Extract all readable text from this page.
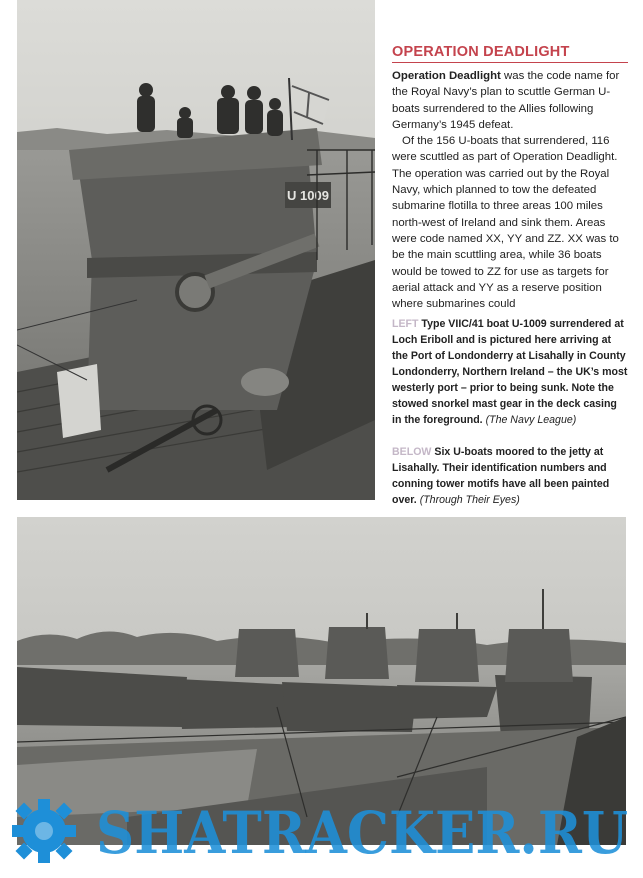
U 1009
OPERATION DEADLIGHT

Operation Deadlight was the code name for the Royal Navy’s plan to scuttle German U-boats surrendered to the Allies following Germany’s 1945 defeat.

Of the 156 U-boats that surrendered, 116 were scuttled as part of Operation Deadlight. The operation was carried out by the Royal Navy, which planned to tow the defeated submarine flotilla to three areas 100 miles north-west of Ireland and sink them. Areas were code named XX, YY and ZZ. XX was to be the main scuttling area, while 36 boats would be towed to ZZ for use as targets for aerial attack and YY as a reserve position where submarines could

LEFT Type VIIC/41 boat U-1009 surrendered at Loch Eriboll and is pictured here arriving at the Port of Londonderry at Lisahally in County Londonderry, Northern Ireland – the UK’s most westerly port – prior to being sunk. Note the stowed snorkel mast gear in the deck casing in the foreground. (The Navy League)

BELOW Six U-boats moored to the jetty at Lisahally. Their identification numbers and conning tower motifs have all been painted over. (Through Their Eyes)

SHATRACKER.RU
